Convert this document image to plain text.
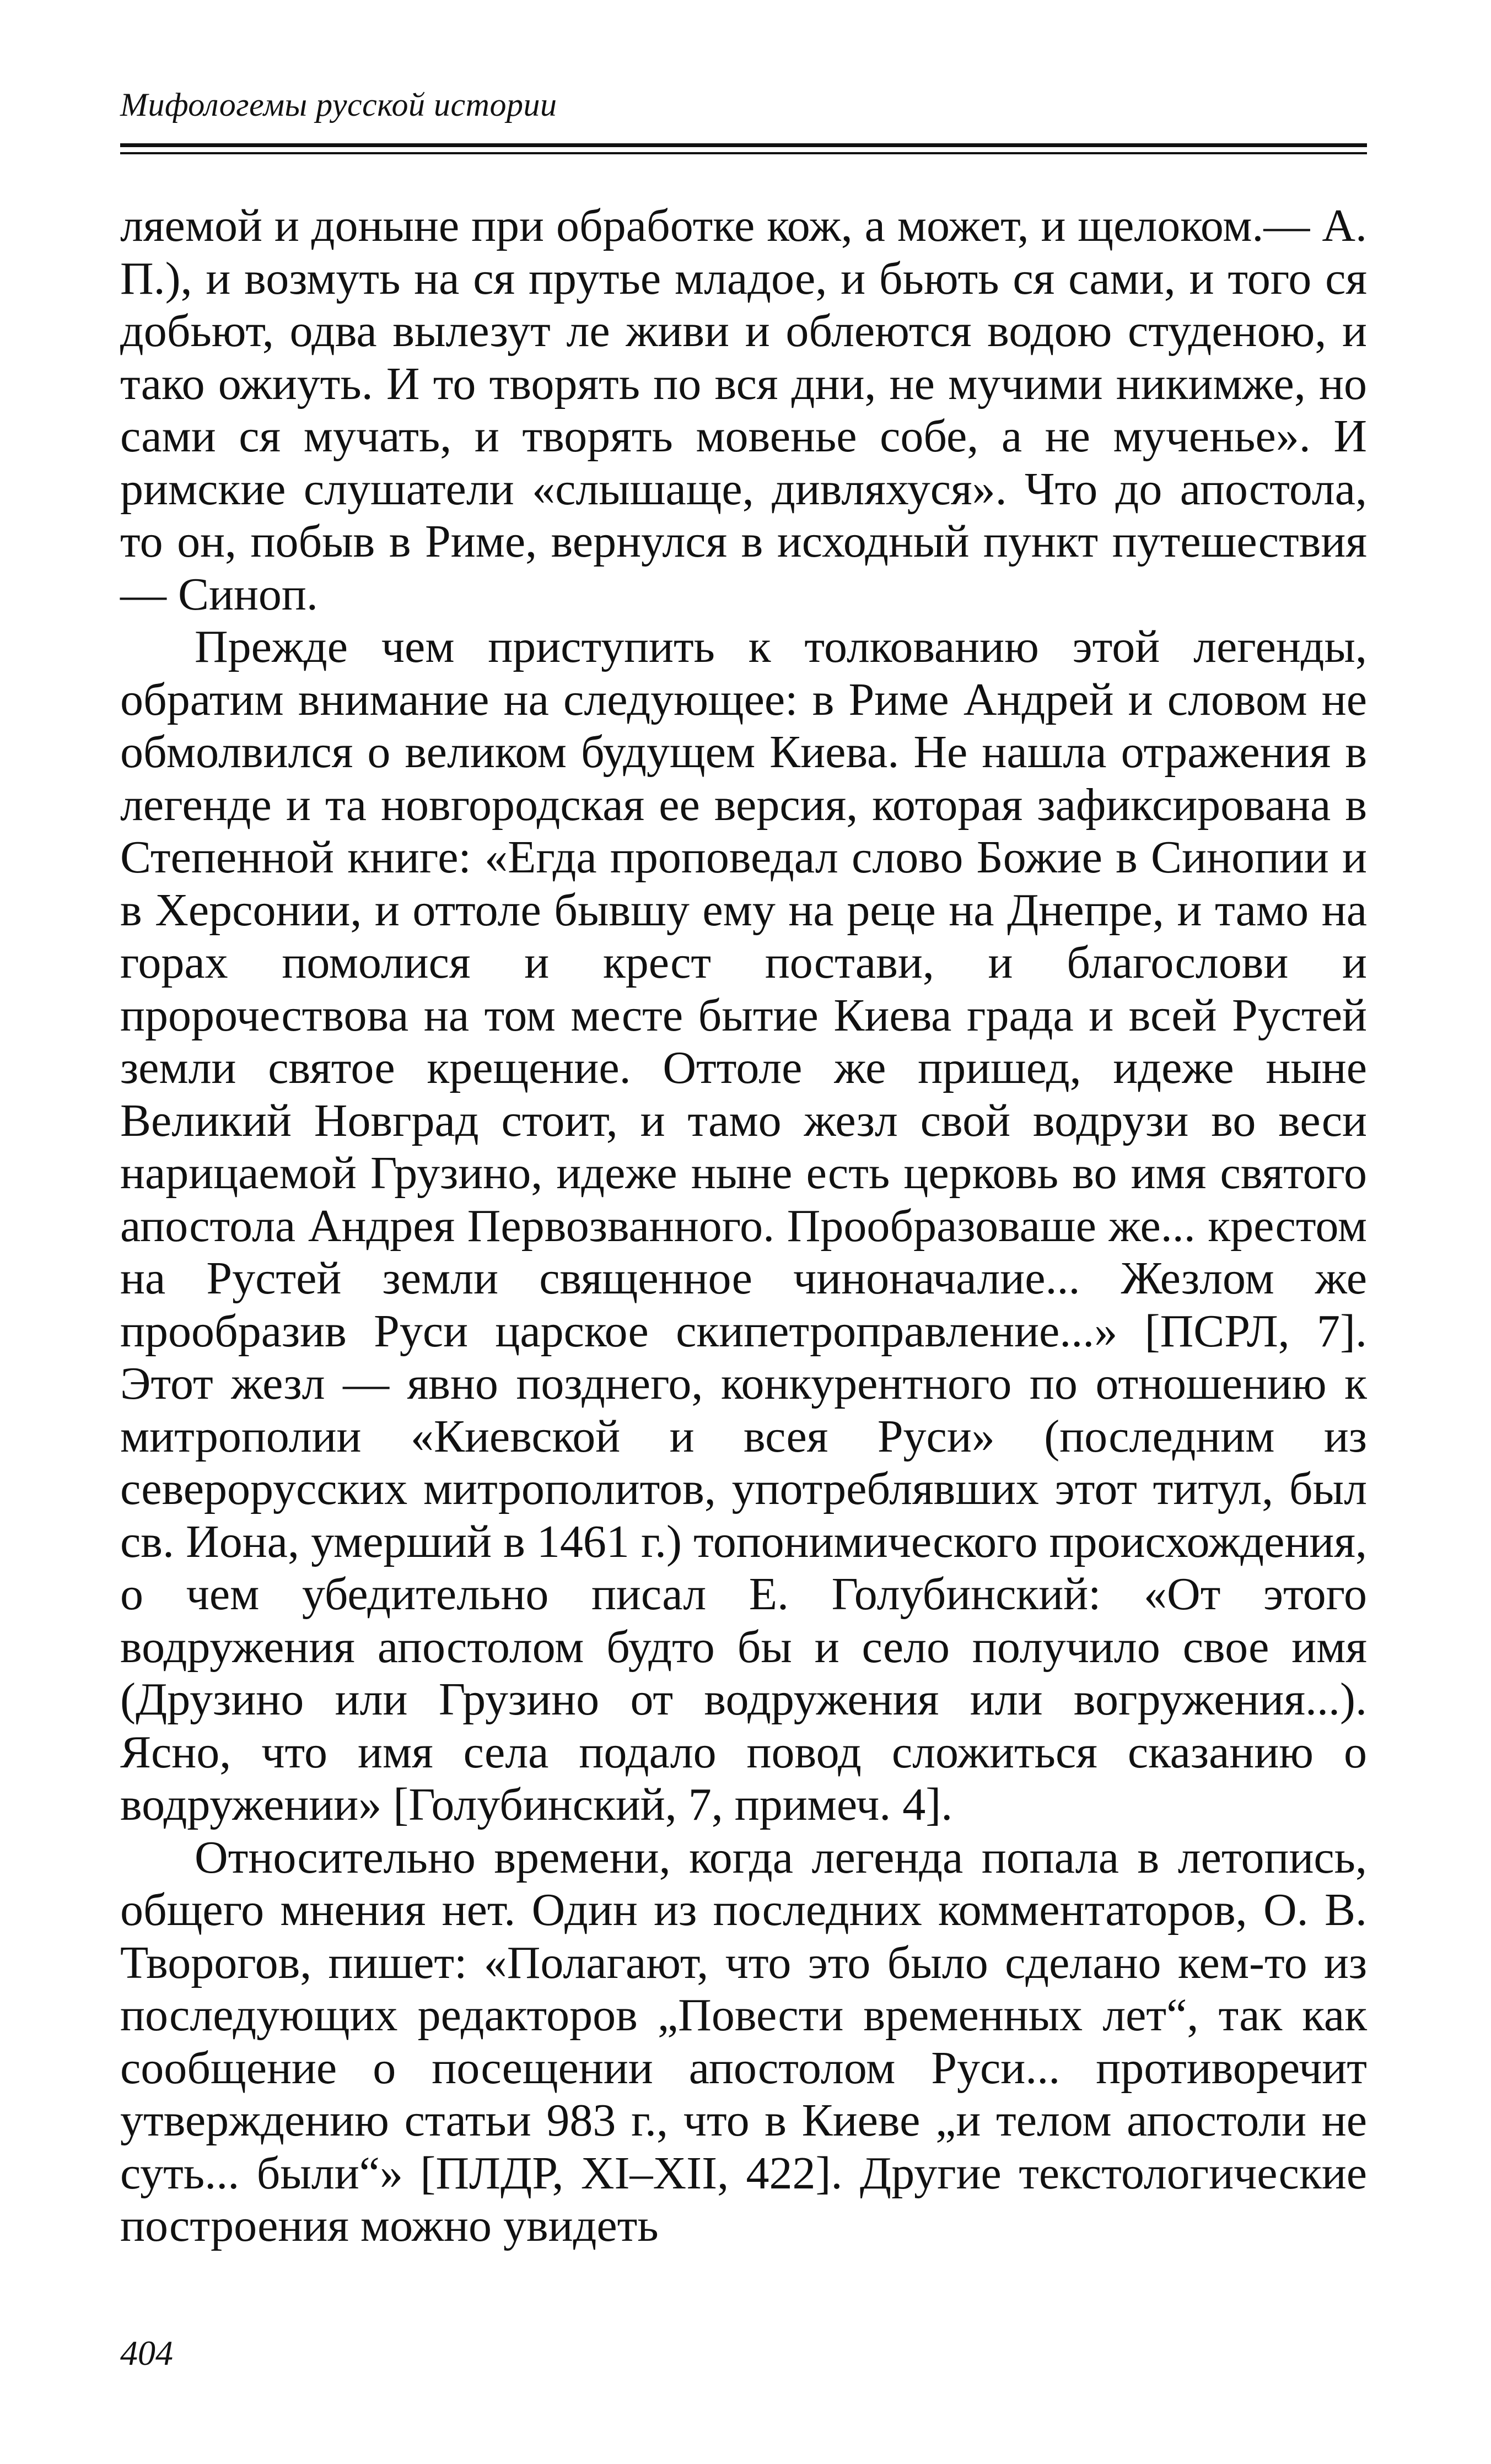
Мифологемы русской истории

ляемой и доныне при обработке кож, а может, и щелоком.— А. П.), и возмуть на ся прутье младое, и бьють ся сами, и того ся добьют, одва вылезут ле живи и облеются водою студеною, и тако ожиуть. И то творять по вся дни, не мучими никимже, но сами ся мучать, и творять мовенье собе, а не мученье». И римские слушатели «слышаще, дивляхуся». Что до апостола, то он, побыв в Риме, вернулся в исходный пункт путешествия — Синоп.

Прежде чем приступить к толкованию этой легенды, обратим внимание на следующее: в Риме Андрей и словом не обмолвился о великом будущем Киева. Не нашла отражения в легенде и та новгородская ее версия, которая зафиксирована в Степенной книге: «Егда проповедал слово Божие в Синопии и в Херсонии, и оттоле бывшу ему на реце на Днепре, и тамо на горах помолися и крест постави, и благослови и пророчествова на том месте бытие Киева града и всей Рустей земли святое крещение. Оттоле же пришед, идеже ныне Великий Новград стоит, и тамо жезл свой водрузи во веси нарицаемой Грузино, идеже ныне есть церковь во имя святого апостола Андрея Первозванного. Прообразоваше же... крестом на Рустей земли священное чиноначалие... Жезлом же прообразив Руси царское скипетроправление...» [ПСРЛ, 7]. Этот жезл — явно позднего, конкурентного по отношению к митрополии «Киевской и всея Руси» (последним из северорусских митрополитов, употреблявших этот титул, был св. Иона, умерший в 1461 г.) топонимического происхождения, о чем убедительно писал Е. Голубинский: «От этого водружения апостолом будто бы и село получило свое имя (Друзино или Грузино от водружения или вогружения...). Ясно, что имя села подало повод сложиться сказанию о водружении» [Голубинский, 7, примеч. 4].

Относительно времени, когда легенда попала в летопись, общего мнения нет. Один из последних комментаторов, О. В. Творогов, пишет: «Полагают, что это было сделано кем-то из последующих редакторов „Повести временных лет“, так как сообщение о посещении апостолом Руси... противоречит утверждению статьи 983 г., что в Киеве „и телом апостоли не суть... были“» [ПЛДР, XI–XII, 422]. Другие текстологические построения можно увидеть

404
